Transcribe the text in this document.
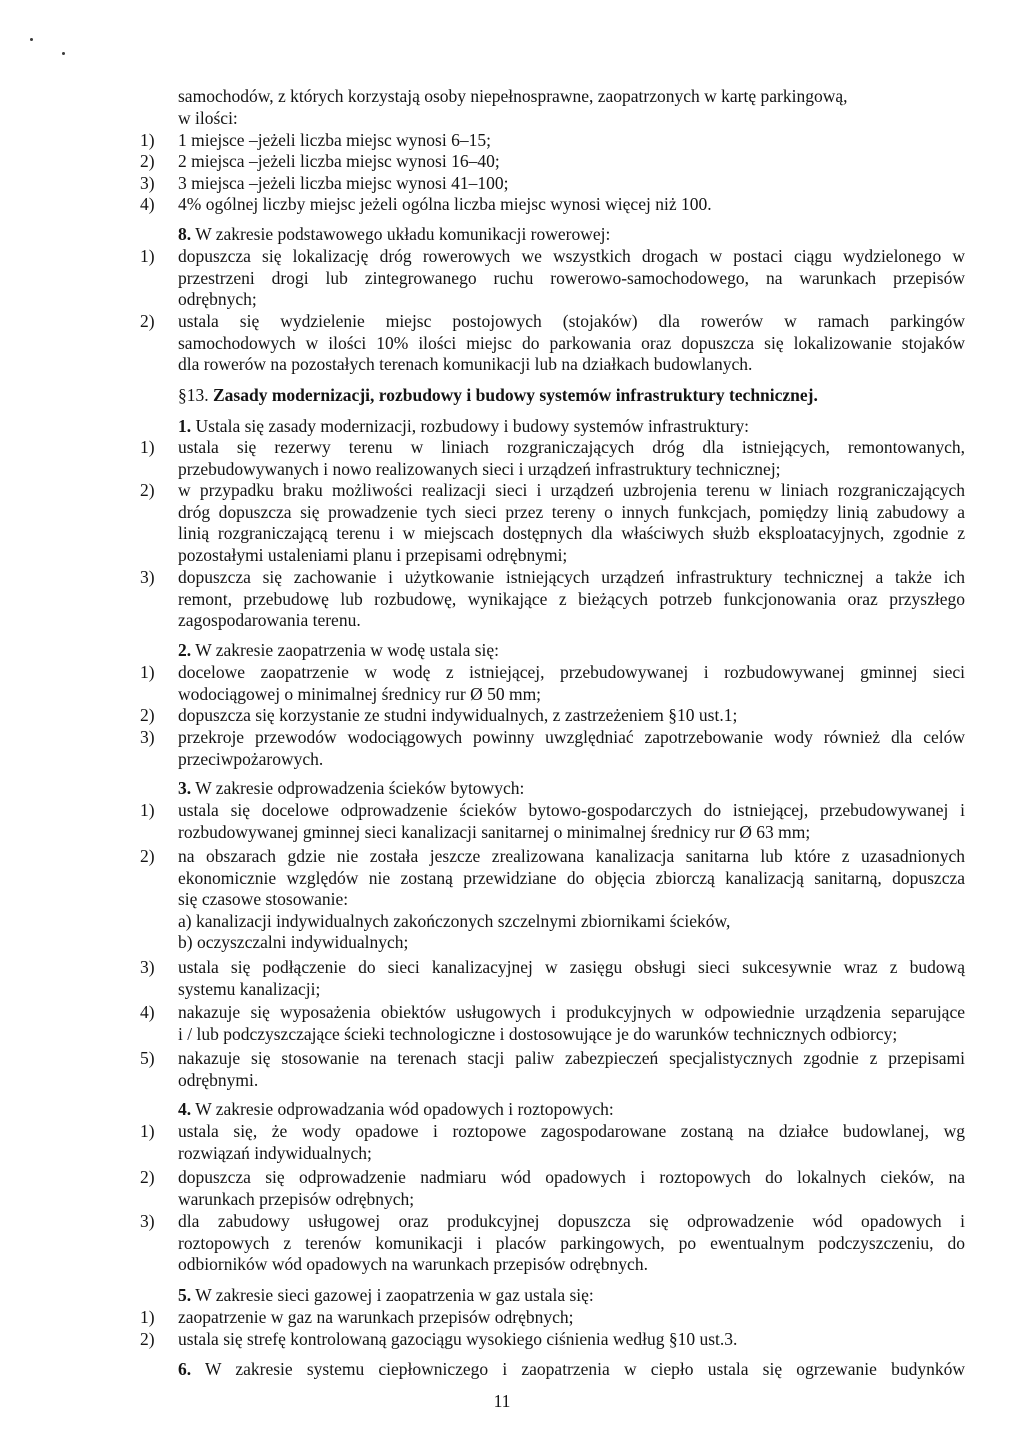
samochodów, z których korzystają osoby niepełnosprawne, zaopatrzonych w kartę parkingową,
w ilości:
1) 1 miejsce –jeżeli liczba miejsc wynosi 6–15;
2) 2 miejsca –jeżeli liczba miejsc wynosi 16–40;
3) 3 miejsca –jeżeli liczba miejsc wynosi 41–100;
4) 4% ogólnej liczby miejsc jeżeli ogólna liczba miejsc wynosi więcej niż 100.
8. W zakresie podstawowego układu komunikacji rowerowej:
1) dopuszcza się lokalizację dróg rowerowych we wszystkich drogach w postaci ciągu wydzielonego w
przestrzeni drogi lub zintegrowanego ruchu rowerowo-samochodowego, na warunkach przepisów
odrębnych;
2) ustala się wydzielenie miejsc postojowych (stojaków) dla rowerów w ramach parkingów
samochodowych w ilości 10% ilości miejsc do parkowania oraz dopuszcza się lokalizowanie stojaków
dla rowerów na pozostałych terenach komunikacji lub na działkach budowlanych.
§13. Zasady modernizacji, rozbudowy i budowy systemów infrastruktury technicznej.
1. Ustala się zasady modernizacji, rozbudowy i budowy systemów infrastruktury:
1) ustala się rezerwy terenu w liniach rozgraniczających dróg dla istniejących, remontowanych,
przebudowywanych i nowo realizowanych sieci i urządzeń infrastruktury technicznej;
2) w przypadku braku możliwości realizacji sieci i urządzeń uzbrojenia terenu w liniach rozgraniczających
dróg dopuszcza się prowadzenie tych sieci przez tereny o innych funkcjach, pomiędzy linią zabudowy a
linią rozgraniczającą terenu i w miejscach dostępnych dla właściwych służb eksploatacyjnych, zgodnie z
pozostałymi ustaleniami planu i przepisami odrębnymi;
3) dopuszcza się zachowanie i użytkowanie istniejących urządzeń infrastruktury technicznej a także ich
remont, przebudowę lub rozbudowę, wynikające z bieżących potrzeb funkcjonowania oraz przyszłego
zagospodarowania terenu.
2. W zakresie zaopatrzenia w wodę ustala się:
1) docelowe zaopatrzenie w wodę z istniejącej, przebudowywanej i rozbudowywanej gminnej sieci
wodociągowej o minimalnej średnicy rur Ø 50 mm;
2) dopuszcza się korzystanie ze studni indywidualnych, z zastrzeżeniem §10 ust.1;
3) przekroje przewodów wodociągowych powinny uwzględniać zapotrzebowanie wody również dla celów
przeciwpożarowych.
3. W zakresie odprowadzenia ścieków bytowych:
1) ustala się docelowe odprowadzenie ścieków bytowo-gospodarczych do istniejącej, przebudowywanej i
rozbudowywanej gminnej sieci kanalizacji sanitarnej o minimalnej średnicy rur Ø 63 mm;
2) na obszarach gdzie nie została jeszcze zrealizowana kanalizacja sanitarna lub które z uzasadnionych
ekonomicznie względów nie zostaną przewidziane do objęcia zbiorczą kanalizacją sanitarną, dopuszcza
się czasowe stosowanie:
a) kanalizacji indywidualnych zakończonych szczelnymi zbiornikami ścieków,
b) oczyszczalni indywidualnych;
3) ustala się podłączenie do sieci kanalizacyjnej w zasięgu obsługi sieci sukcesywnie wraz z budową
systemu kanalizacji;
4) nakazuje się wyposażenia obiektów usługowych i produkcyjnych w odpowiednie urządzenia separujące
i / lub podczyszczające ścieki technologiczne i dostosowujące je do warunków technicznych odbiorcy;
5) nakazuje się stosowanie na terenach stacji paliw zabezpieczeń specjalistycznych zgodnie z przepisami
odrębnymi.
4. W zakresie odprowadzania wód opadowych i roztopowych:
1) ustala się, że wody opadowe i roztopowe zagospodarowane zostaną na działce budowlanej, wg
rozwiązań indywidualnych;
2) dopuszcza się odprowadzenie nadmiaru wód opadowych i roztopowych do lokalnych cieków, na
warunkach przepisów odrębnych;
3) dla zabudowy usługowej oraz produkcyjnej dopuszcza się odprowadzenie wód opadowych i
roztopowych z terenów komunikacji i placów parkingowych, po ewentualnym podczyszczeniu, do
odbiorników wód opadowych na warunkach przepisów odrębnych.
5. W zakresie sieci gazowej i zaopatrzenia w gaz ustala się:
1) zaopatrzenie w gaz na warunkach przepisów odrębnych;
2) ustala się strefę kontrolowaną gazociągu wysokiego ciśnienia według §10 ust.3.
6. W zakresie systemu ciepłowniczego i zaopatrzenia w ciepło ustala się ogrzewanie budynków
11
